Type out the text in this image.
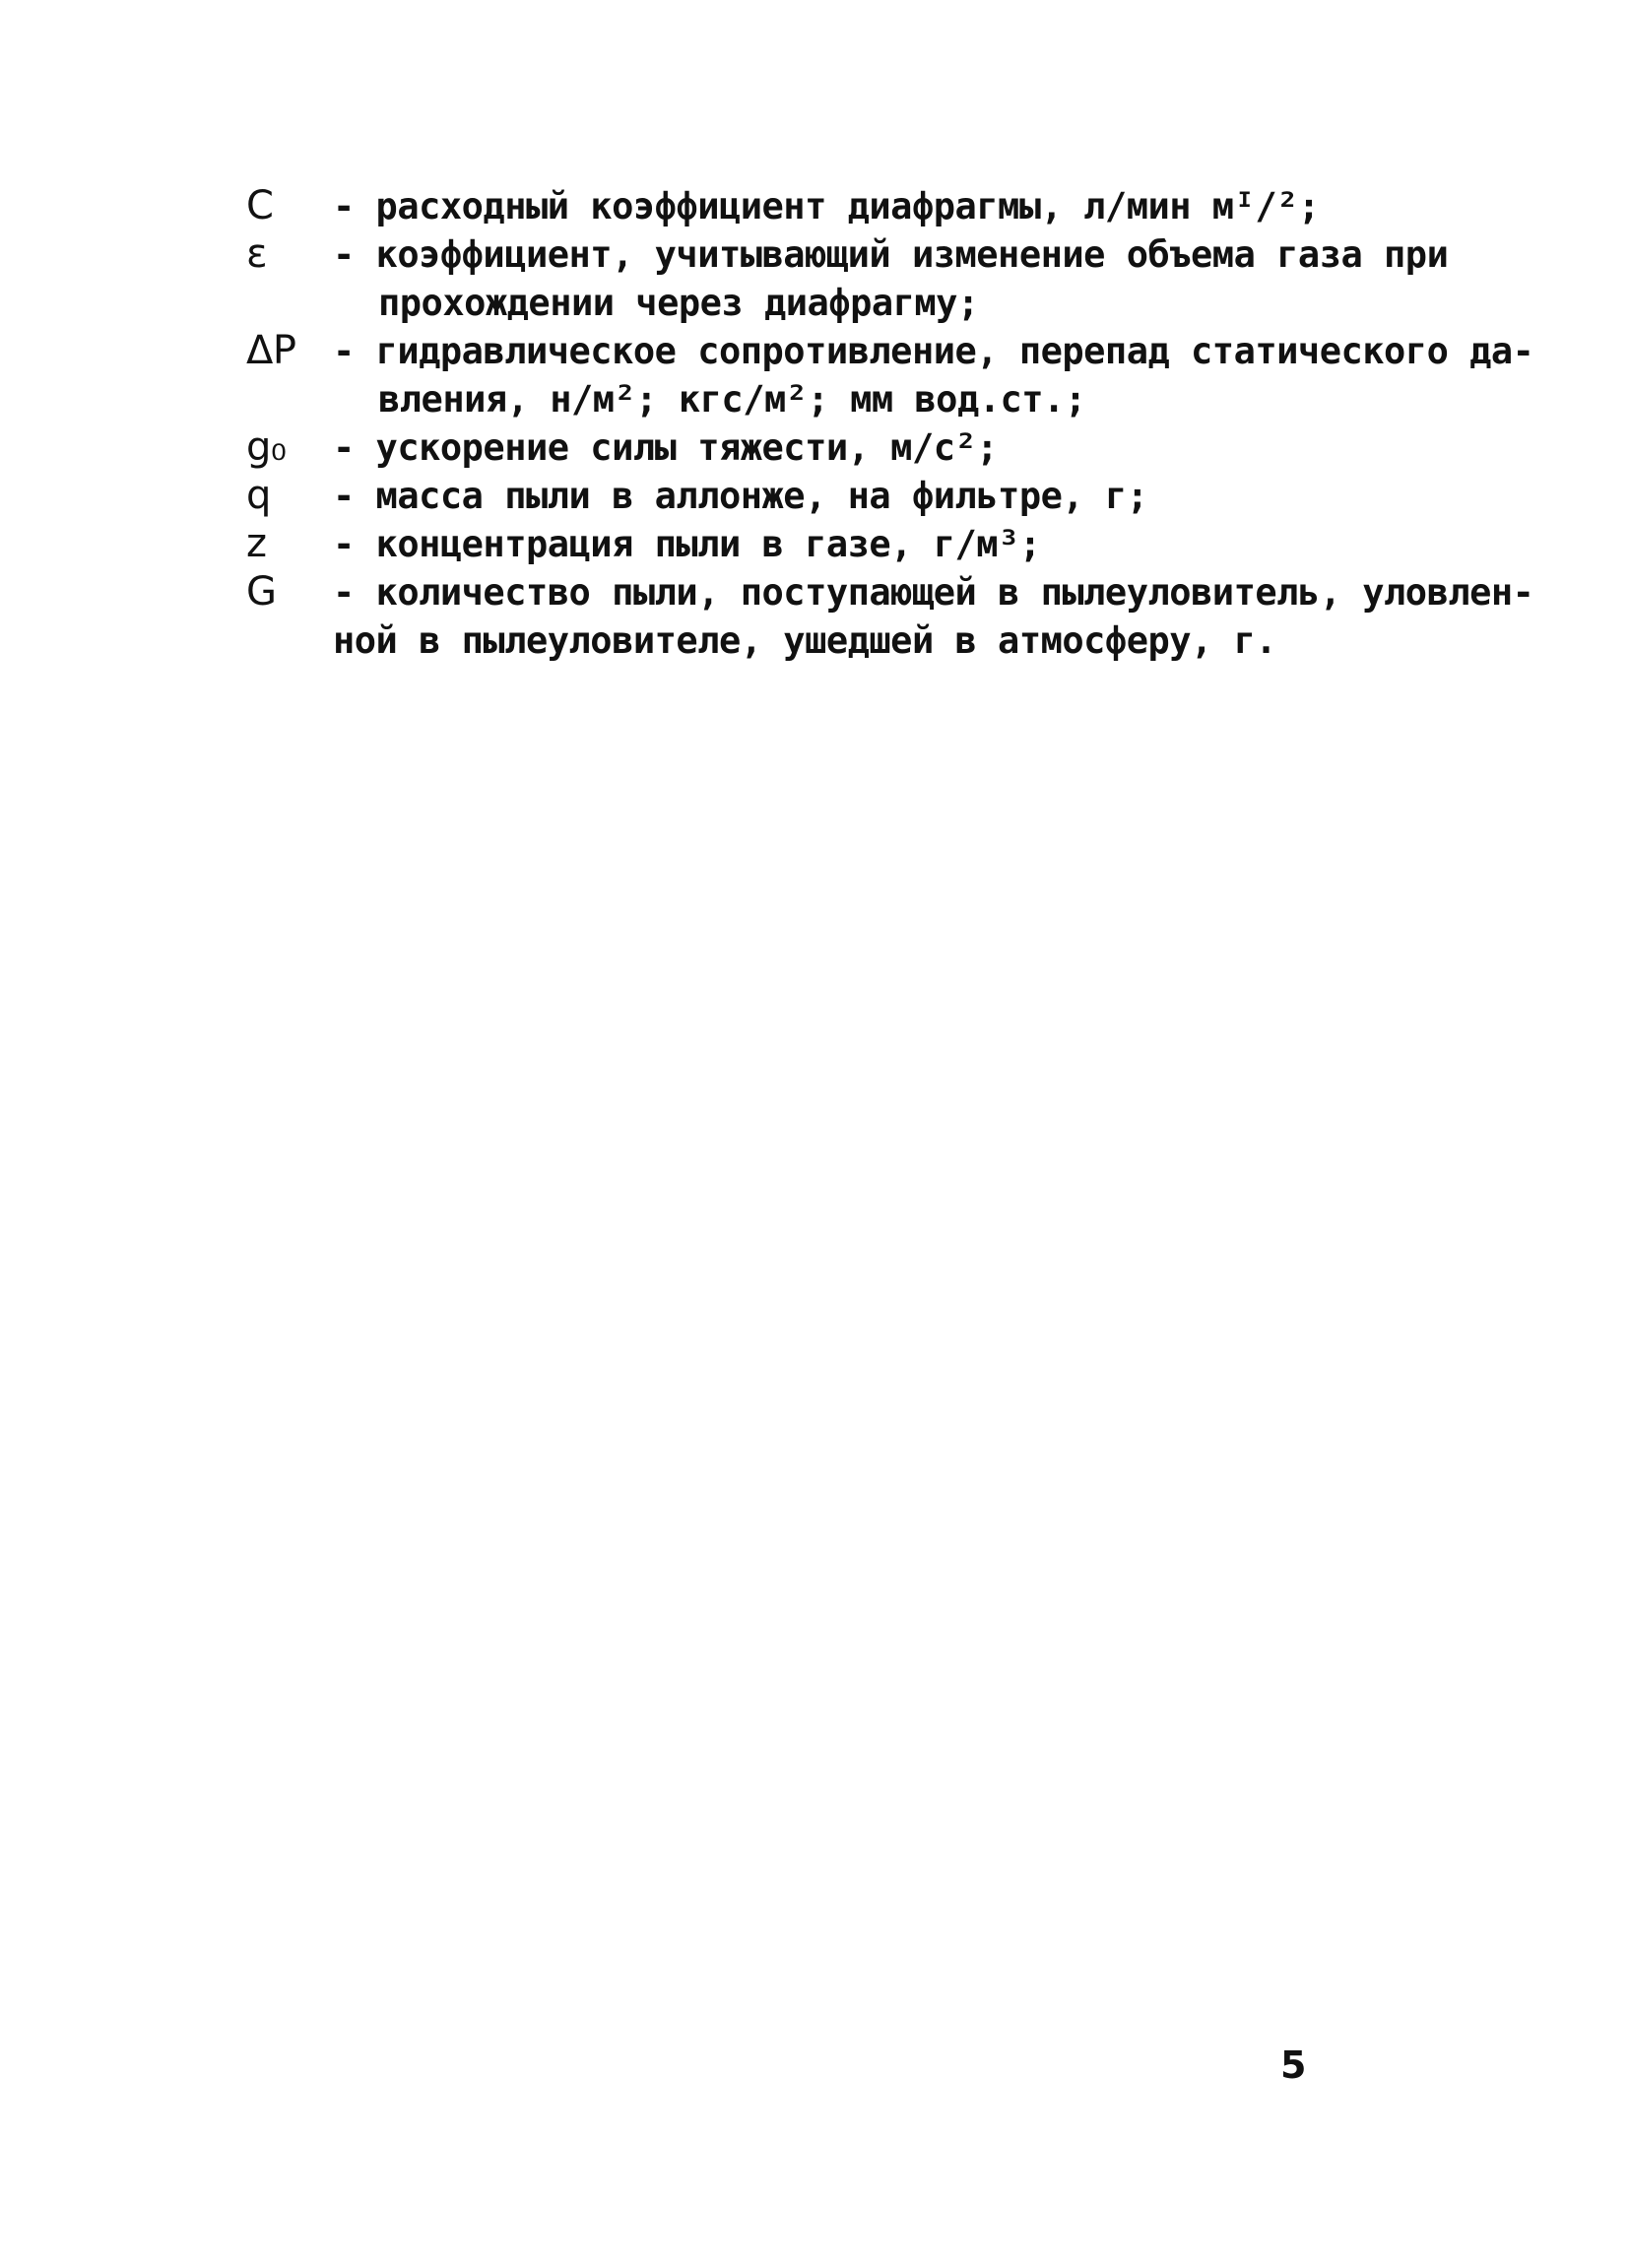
C	- расходный коэффициент диафрагмы, л/мин мᴵ/²;
ε	- коэффициент, учитывающий изменение объема газа при
прохождении через диафрагму;
ΔP	- гидравлическое сопротивление, перепад статического да-
вления, н/м²; кгс/м²; мм вод.ст.;
g₀	- ускорение силы тяжести, м/с²;
q	- масса пыли в аллонже, на фильтре, г;
z	- концентрация пыли в газе, г/м³;
G	- количество пыли, поступающей в пылеуловитель, уловлен-
ной в пылеуловителе, ушедшей в атмосферу, г.
5
